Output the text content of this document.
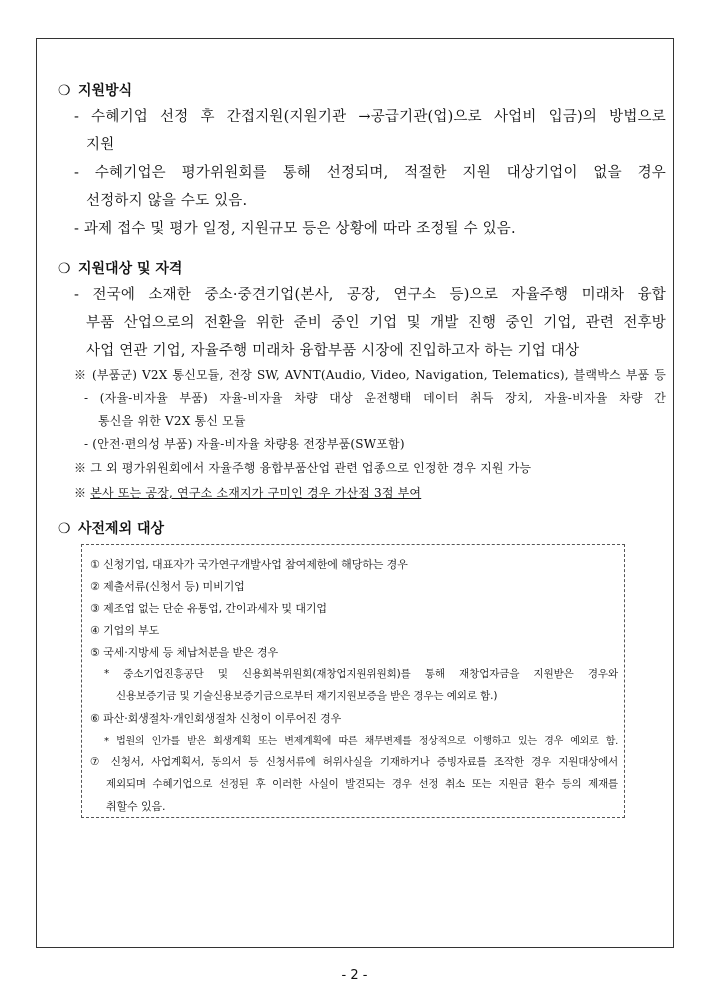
❍ 지원방식
- 수혜기업 선정 후 간접지원(지원기관 →공급기관(업)으로 사업비 입금)의 방법으로
지원
- 수혜기업은 평가위원회를 통해 선정되며, 적절한 지원 대상기업이 없을 경우
선정하지 않을 수도 있음.
- 과제 접수 및 평가 일정, 지원규모 등은 상황에 따라 조정될 수 있음.
❍ 지원대상 및 자격
- 전국에 소재한 중소·중견기업(본사, 공장, 연구소 등)으로 자율주행 미래차 융합
부품 산업으로의 전환을 위한 준비 중인 기업 및 개발 진행 중인 기업, 관련 전후방
사업 연관 기업, 자율주행 미래차 융합부품 시장에 진입하고자 하는 기업 대상
※ (부품군) V2X 통신모듈, 전장 SW, AVNT(Audio, Video, Navigation, Telematics), 블랙박스 부품 등
- (자율-비자율 부품) 자율-비자율 차량 대상 운전행태 데이터 취득 장치, 자율-비자율 차량 간
통신을 위한 V2X 통신 모듈
- (안전·편의성 부품) 자율-비자율 차량용 전장부품(SW포함)
※ 그 외 평가위원회에서 자율주행 융합부품산업 관련 업종으로 인정한 경우 지원 가능
※ 본사 또는 공장, 연구소 소재지가 구미인 경우 가산점 3점 부여
❍ 사전제외 대상
① 신청기업, 대표자가 국가연구개발사업 참여제한에 해당하는 경우
② 제출서류(신청서 등) 미비기업
③ 제조업 없는 단순 유통업, 간이과세자 및 대기업
④ 기업의 부도
⑤ 국세·지방세 등 체납처분을 받은 경우
* 중소기업진흥공단 및 신용회복위원회(재창업지원위원회)를 통해 재창업자금을 지원받은 경우와
신용보증기금 및 기술신용보증기금으로부터 재기지원보증을 받은 경우는 예외로 함.)
⑥ 파산·회생절차·개인회생절차 신청이 이루어진 경우
* 법원의 인가를 받은 회생계획 또는 변제계획에 따른 채무변제를 정상적으로 이행하고 있는 경우 예외로 함.
⑦ 신청서, 사업계획서, 동의서 등 신청서류에 허위사실을 기재하거나 증빙자료를 조작한 경우 지원대상에서
제외되며 수혜기업으로 선정된 후 이러한 사실이 발견되는 경우 선정 취소 또는 지원금 환수 등의 제재를
취할수 있음.
- 2 -
